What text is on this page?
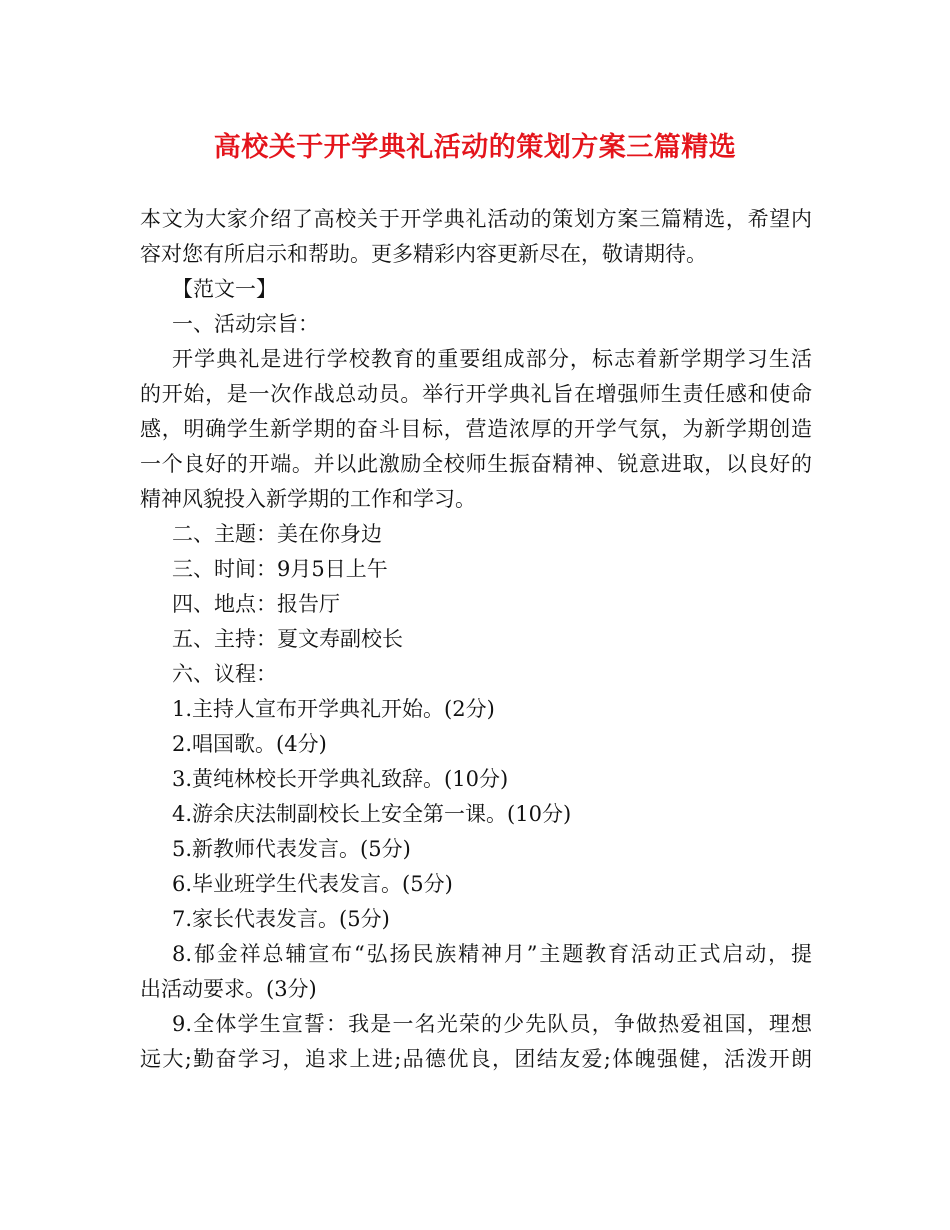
高校关于开学典礼活动的策划方案三篇精选
本文为大家介绍了高校关于开学典礼活动的策划方案三篇精选，希望内
容对您有所启示和帮助。更多精彩内容更新尽在，敬请期待。
【范文一】
一、活动宗旨：
开学典礼是进行学校教育的重要组成部分，标志着新学期学习生活
的开始，是一次作战总动员。举行开学典礼旨在增强师生责任感和使命
感，明确学生新学期的奋斗目标，营造浓厚的开学气氛，为新学期创造
一个良好的开端。并以此激励全校师生振奋精神、锐意进取，以良好的
精神风貌投入新学期的工作和学习。
二、主题：美在你身边
三、时间：9月5日上午
四、地点：报告厅
五、主持：夏文寿副校长
六、议程：
1.主持人宣布开学典礼开始。(2分)
2.唱国歌。(4分)
3.黄纯林校长开学典礼致辞。(10分)
4.游余庆法制副校长上安全第一课。(10分)
5.新教师代表发言。(5分)
6.毕业班学生代表发言。(5分)
7.家长代表发言。(5分)
8.郁金祥总辅宣布“弘扬民族精神月”主题教育活动正式启动，提
出活动要求。(3分)
9.全体学生宣誓：我是一名光荣的少先队员，争做热爱祖国，理想
远大;勤奋学习，追求上进;品德优良，团结友爱;体魄强健，活泼开朗
